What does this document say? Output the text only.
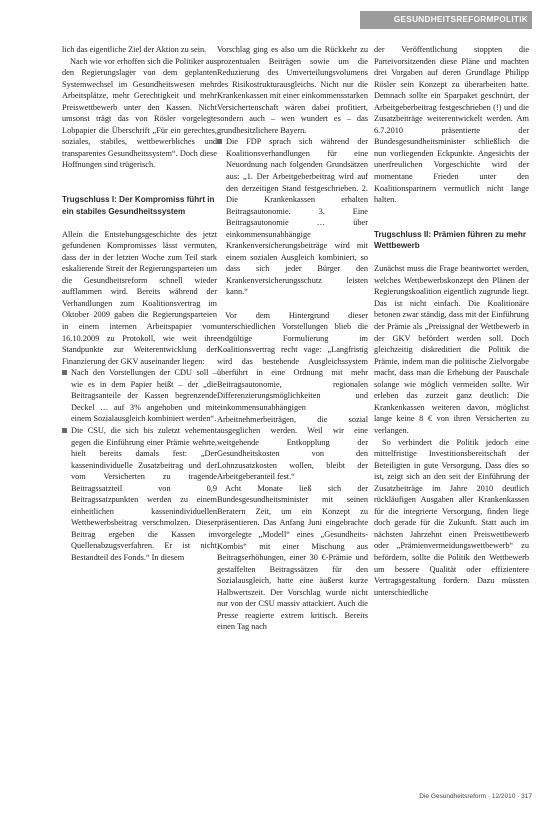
GESUNDHEITSREFORMPOLITIK

lich das eigentliche Ziel der Aktion zu sein.

Nach wie vor erhoffen sich die Politiker aus den Regierungslager von dem geplanten Systemwechsel im Gesundheitswesen mehr Arbeitsplätze, mehr Gerechtigkeit und mehr Preiswettbewerb unter den Kassen. Nicht umsonst trägt das von Rösler vorgelegte Lobpapier die Überschrift „Für ein gerechtes, soziales, stabiles, wettbewerbliches und transparentes Gesundheitssystem“. Doch diese Hoffnungen sind trügerisch.

Trugschluss I: Der Kompromiss führt in ein stabiles Gesundheitssystem

Allein die Entstehungsgeschichte des jetzt gefundenen Kompromisses lässt vermuten, dass der in der letzten Woche zum Teil stark eskalierende Streit der Regierungsparteien um die Gesundheitsreform schnell wieder aufflammen wird. Bereits während der Verhandlungen zum Koalitionsvertrag im Oktober 2009 gaben die Regierungsparteien in einem internen Arbeitspapier vom 16.10.2009 zu Protokoll, wie weit ihre Standpunkte zur Weiterentwicklung der Finanzierung der GKV auseinander liegen:

Nach den Vorstellungen der CDU soll – wie es in dem Papier heißt – der „die Beitragsanteile der Kassen begrenzende Deckel … auf 3% angehoben und mit einem Sozialausgleich kombiniert werden“.
Die CSU, die sich bis zuletzt vehement gegen die Einführung einer Prämie wehrte, hielt bereits damals fest: „Der kassenindividuelle Zusatzbeitrag und der vom Versicherten zu tragende Beitragssatzteil von 0,9 Beitragssatzpunkten werden zu einem einheitlichen kassenindividuellen Wettbewerbsbeitrag verschmolzen. Dieser Beitrag ergeben die Kassen im Quellenabzugsverfahren. Er ist nicht Bestandteil des Fonds.“ In diesem

Vorschlag ging es also um die Rückkehr zu prozentualen Beiträgen sowie um die Reduzierung des Umverteilungsvolumens des Risikostrukturausgleichs. Nicht nur die Krankenkassen mit einer einkommensstarken Versichertenschaft wären dabei profitiert, sondern auch – wen wundert es – das grundbesitzlichere Bayern.

Die FDP sprach sich während der Koalitionsverhandlungen für eine Neuordnung nach folgenden Grundsätzen aus: „1. Der Arbeitgeberbeitrag wird auf den derzeitigen Stand festgeschrieben. 2. Die Krankenkassen erhalten Beitragsautonomie. 3. Eine Beitragsautonomie … über einkommensunabhängige Krankenversicherungsbeiträge wird mit einem sozialen Ausgleich kombiniert, so dass sich jeder Bürger den Krankenversicherungsschutz leisten kann.“

Vor dem Hintergrund dieser unterschiedlichen Vorstellungen blieb die endgültige Formulierung im Koalitionsvertrag recht vage: „Langfristig wird das bestehende Ausgleichssystem überführt in eine Ordnung mit mehr Beitragsautonomie, regionalen Differenzierungsmöglichkeiten und einkommensunabhängigen Arbeitnehmerbeiträgen, die sozial ausgeglichen werden. Weil wir eine weitgehende Entkopplung der Gesundheitskosten von den Lohnzusatzkosten wollen, bleibt der Arbeitgeberanteil fest.“

Acht Monate ließ sich der Bundesgesundheitsminister mit seinen Beratern Zeit, um ein Konzept zu präsentieren. Das Anfang Juni eingebrachte vorgelegte „Modell“ eines „Gesundheits-Kombis“ mit einer Mischung aus Beitragserhöhungen, einer 30 €-Prämie und gestaffelten Beitragssätzen für den Sozialausgleich, hatte eine äußerst kurze Halbwertszeit. Der Vorschlag wurde nicht nur von der CSU massiv attackiert. Auch die Presse reagierte extrem kritisch. Bereits einen Tag nach

der Veröffentlichung stoppten die Parteivorsitzenden diese Pläne und machten drei Vorgaben auf deren Grundlage Philipp Rösler sein Konzept zu überarbeiten hatte. Demnach sollte ein Sparpaket geschnürt, der Arbeitgeberbeitrag festgeschrieben (!) und die Zusatzbeiträge weiterentwickelt werden. Am 6.7.2010 präsentierte der Bundesgesundheitsminister schließlich die nun vorliegenden Eckpunkte. Angesichts der unerfreulichen Vorgeschichte wird der momentane Frieden unter den Koalitionspartnern vermutlich nicht lange halten.

Trugschluss II: Prämien führen zu mehr Wettbewerb

Zunächst muss die Frage beantwortet werden, welches Wettbewerbskonzept den Plänen der Regierungskoalition eigentlich zugrunde liegt. Das ist nicht einfach. Die Koalitionäre betonen zwar ständig, dass mit der Einführung der Prämie als „Preissignal der Wettbewerb in der GKV befördert werden soll. Doch gleichzeitig diskreditiert die Politik die Prämie, indem man die politische Zielvorgabe macht, dass man die Erhebung der Pauschale solange wie möglich vermeiden sollte. Wir erleben das zurzeit ganz deutlich: Die Krankenkassen weiteren davon, möglichst lange keine 8 € von ihren Versicherten zu verlangen.

So verhindert die Politik jedoch eine mittelfristige Investitionsbereitschaft der Beteiligten in gute Versorgung. Dass dies so ist, zeigt sich an den seit der Einführung der Zusatzbeiträge im Jahre 2010 deutlich rückläufigen Ausgaben aller Krankenkassen für die integrierte Versorgung, finden liege doch gerade für die Zukunft. Statt auch im nächsten Jahrzehnt einen Preiswettbewerb oder „Prämienvermeidungswettbewerb“ zu befördern, sollte die Politik den Wettbewerb um bessere Qualität oder effizientere Vertragsgestaltung fordern. Dazu müssten unterschiedliche

Die Gesundheitsreform · 12/2010 · 317
